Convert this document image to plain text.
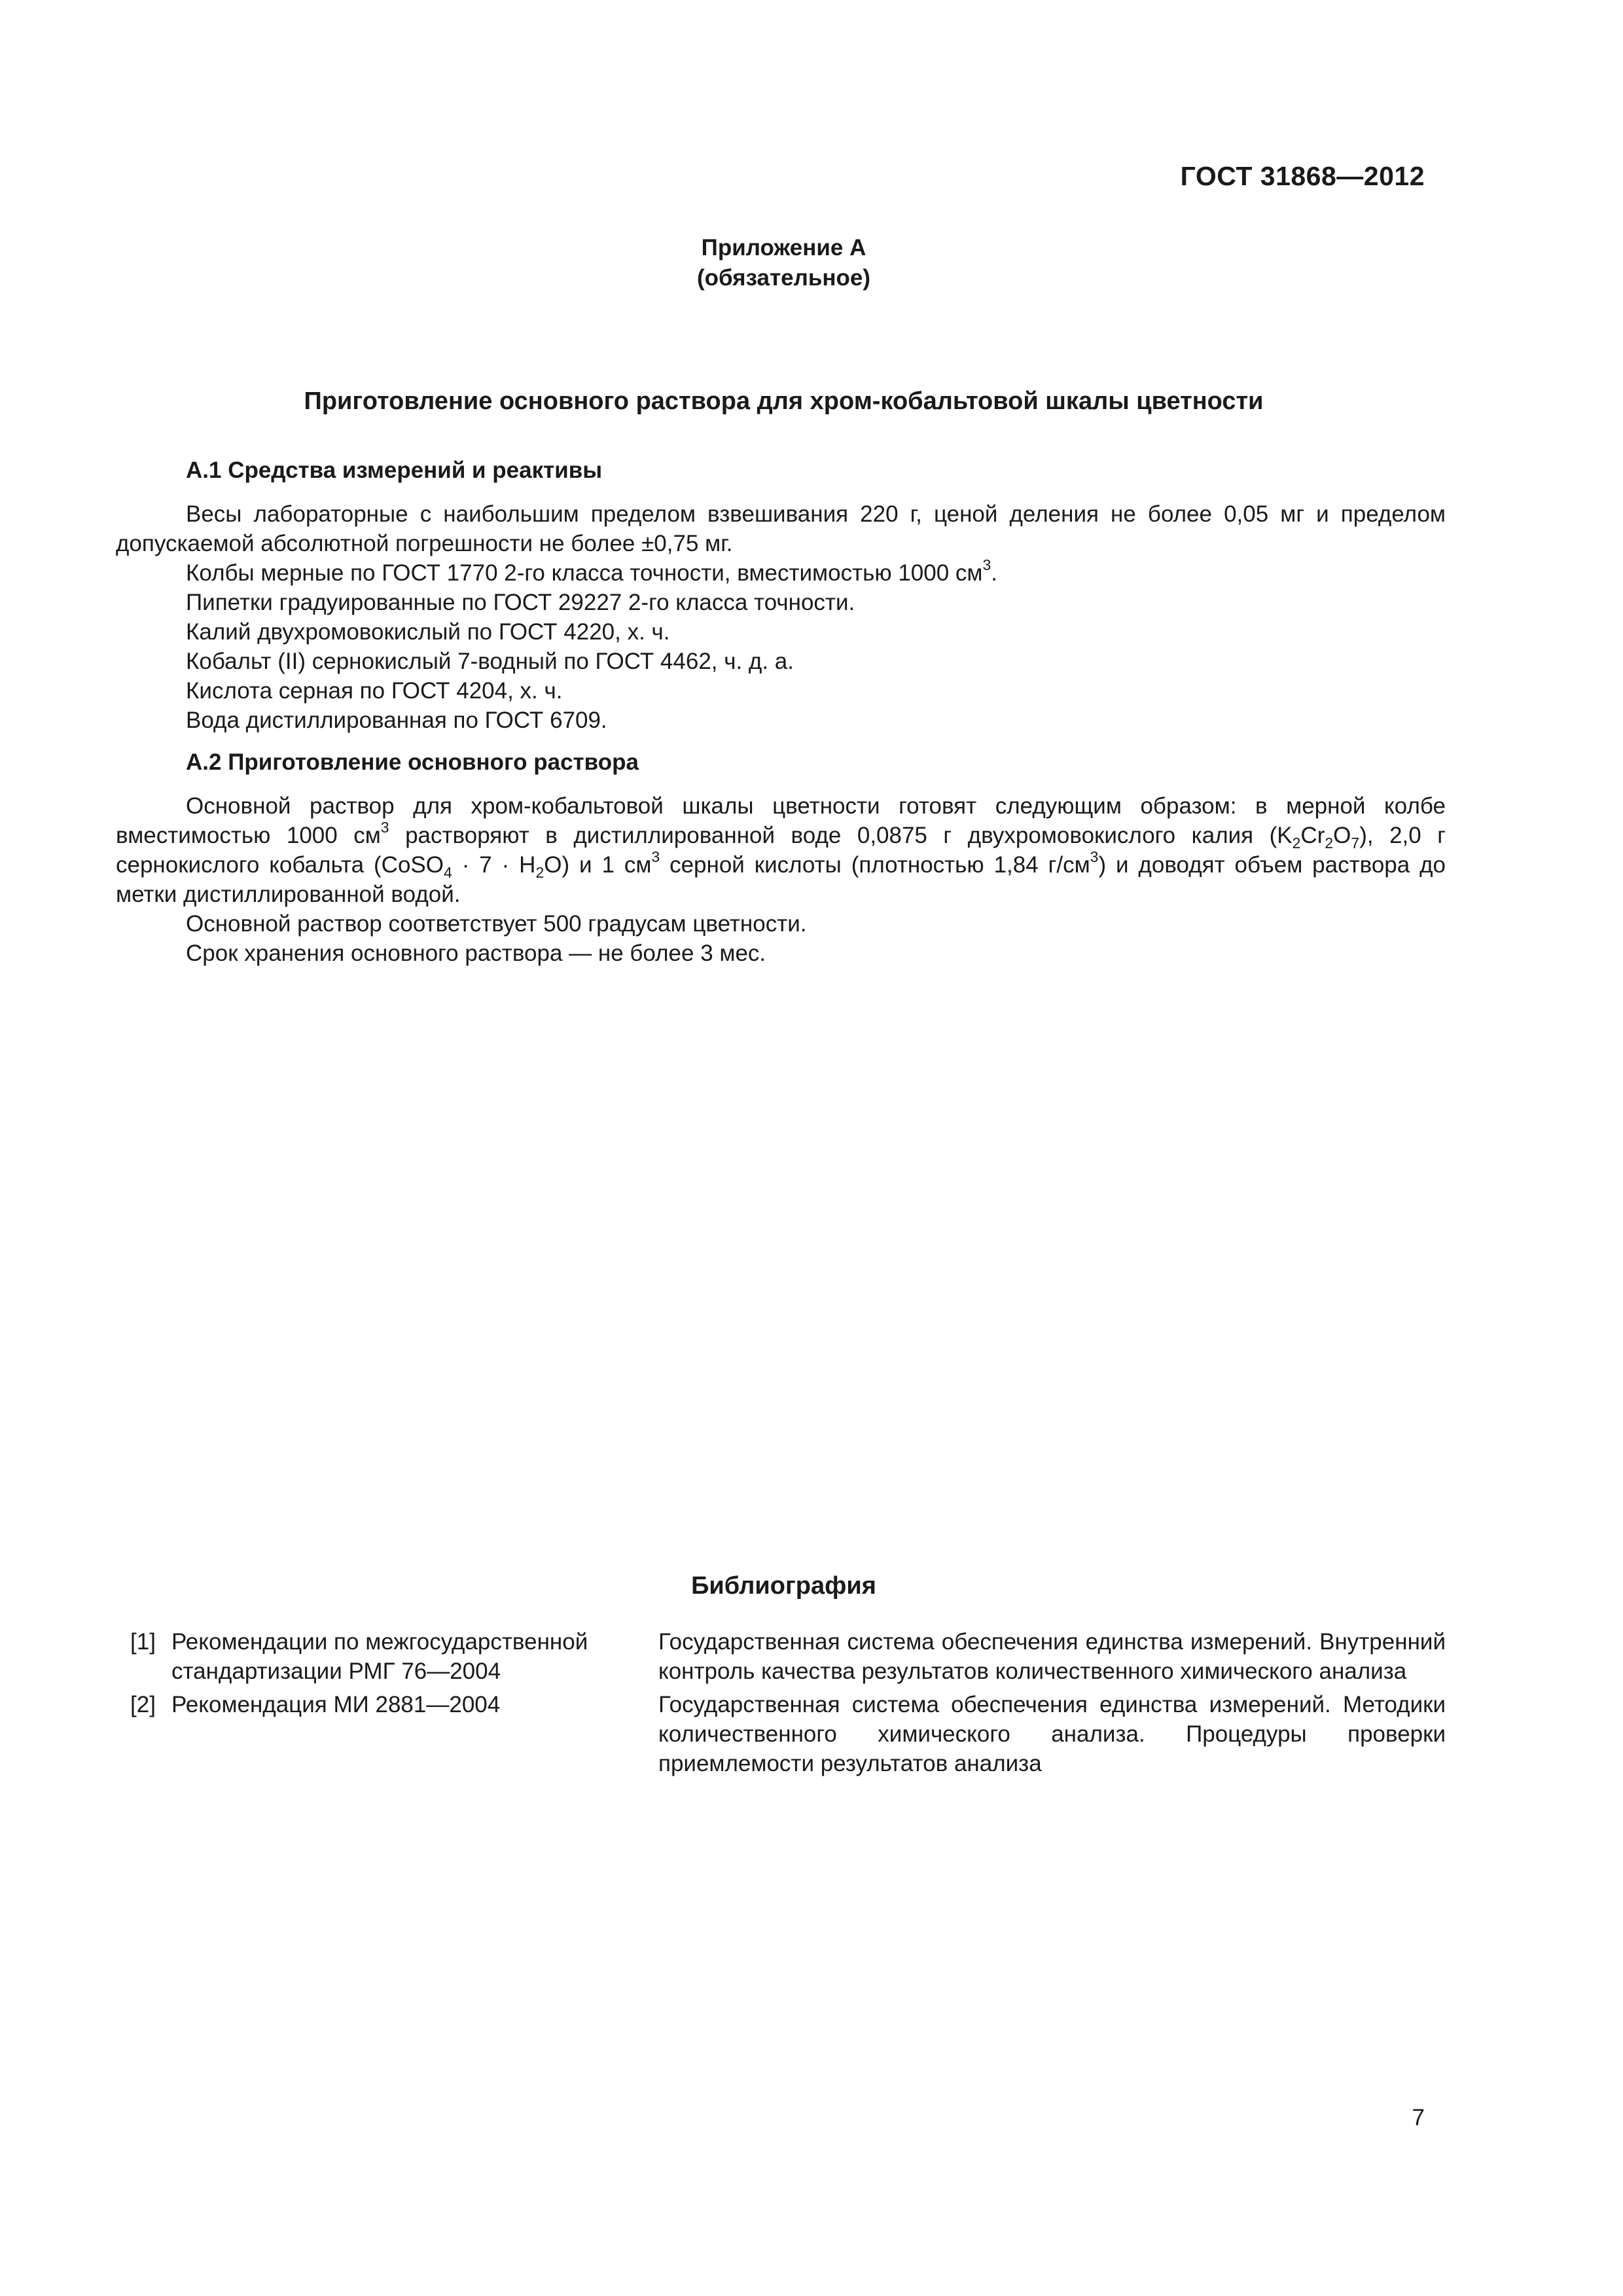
ГОСТ 31868—2012
Приложение А
(обязательное)
Приготовление основного раствора для хром-кобальтовой шкалы цветности

А.1 Средства измерений и реактивы

Весы лабораторные с наибольшим пределом взвешивания 220 г, ценой деления не более 0,05 мг и пределом допускаемой абсолютной погрешности не более ±0,75 мг.

Колбы мерные по ГОСТ 1770 2-го класса точности, вместимостью 1000 $см^3$.

Пипетки градуированные по ГОСТ 29227 2-го класса точности.

Калий двухромовокислый по ГОСТ 4220, х. ч.

Кобальт (II) сернокислый 7-водный по ГОСТ 4462, ч. д. а.

Кислота серная по ГОСТ 4204, х. ч.

Вода дистиллированная по ГОСТ 6709.

А.2 Приготовление основного раствора

Основной раствор для хром-кобальтовой шкалы цветности готовят следующим образом: в мерной колбе вместимостью 1000 $см^3$ растворяют в дистиллированной воде 0,0875 г двухромовокислого калия $(K_2Cr_2O_7)$, 2,0 г сернокислого кобальта (CoSO$_4$ · $7 \cdot H_2O$) и 1 $см^3$ серной кислоты (плотностью 1,84 $г/см^3$) и доводят объем раствора до метки дистиллированной водой.

Основной раствор соответствует 500 градусам цветности.

Срок хранения основного раствора — не более 3 мес.

Библиография
[1] Рекомендации по межгосударственной стандартизации РМГ 76—2004
Государственная система обеспечения единства измерений. Внутренний контроль качества результатов количественного химического анализа
[2] Рекомендация МИ 2881—2004	Государственная система обеспечения единства измерений. Методики количественного химического анализа. Процедуры проверки приемлемости результатов анализа
7
